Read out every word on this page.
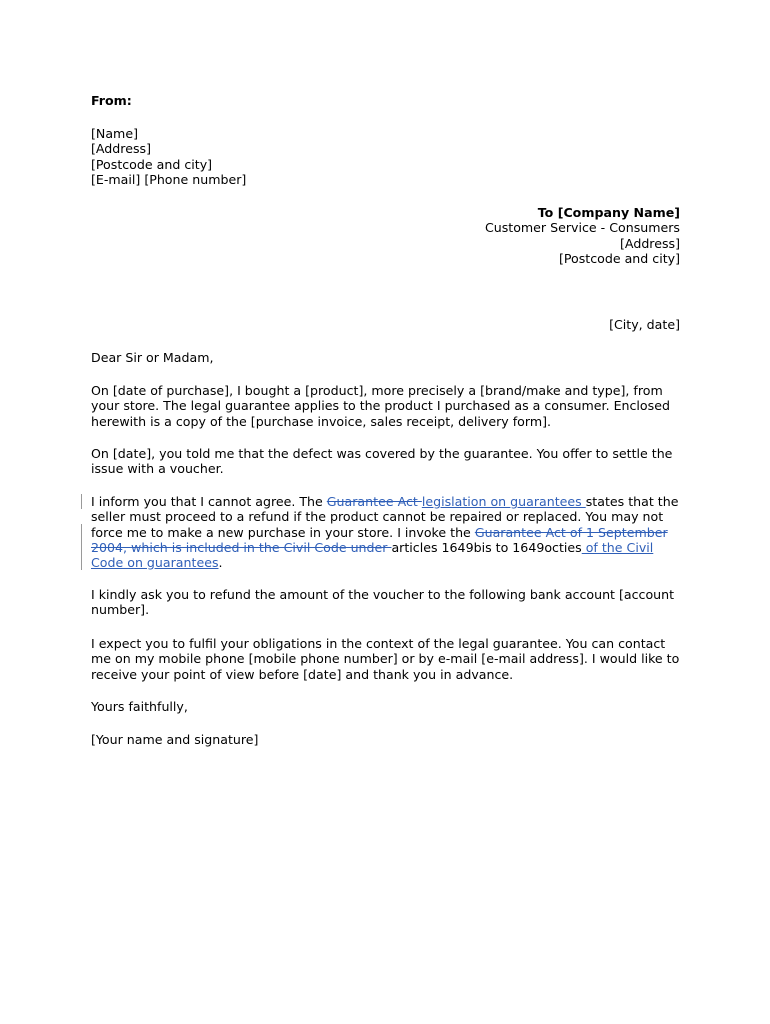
From:

[Name]

[Address]

[Postcode and city]

[E-mail] [Phone number]

To [Company Name]

Customer Service - Consumers

[Address]

[Postcode and city]

[City, date]

Dear Sir or Madam,

On [date of purchase], I bought a [product], more precisely a [brand/make and type], from your store. The legal guarantee applies to the product I purchased as a consumer. Enclosed herewith is a copy of the [purchase invoice, sales receipt, delivery form].

On [date], you told me that the defect was covered by the guarantee. You offer to settle the issue with a voucher.

I inform you that I cannot agree. The Guarantee Act legislation on guarantees states that the seller must proceed to a refund if the product cannot be repaired or replaced. You may not force me to make a new purchase in your store. I invoke the Guarantee Act of 1 September 2004, which is included in the Civil Code under articles 1649bis to 1649octies of the Civil Code on guarantees.

I kindly ask you to refund the amount of the voucher to the following bank account [account number].

I expect you to fulfil your obligations in the context of the legal guarantee. You can contact me on my mobile phone [mobile phone number] or by e-mail [e-mail address]. I would like to receive your point of view before [date] and thank you in advance.

Yours faithfully,

[Your name and signature]
